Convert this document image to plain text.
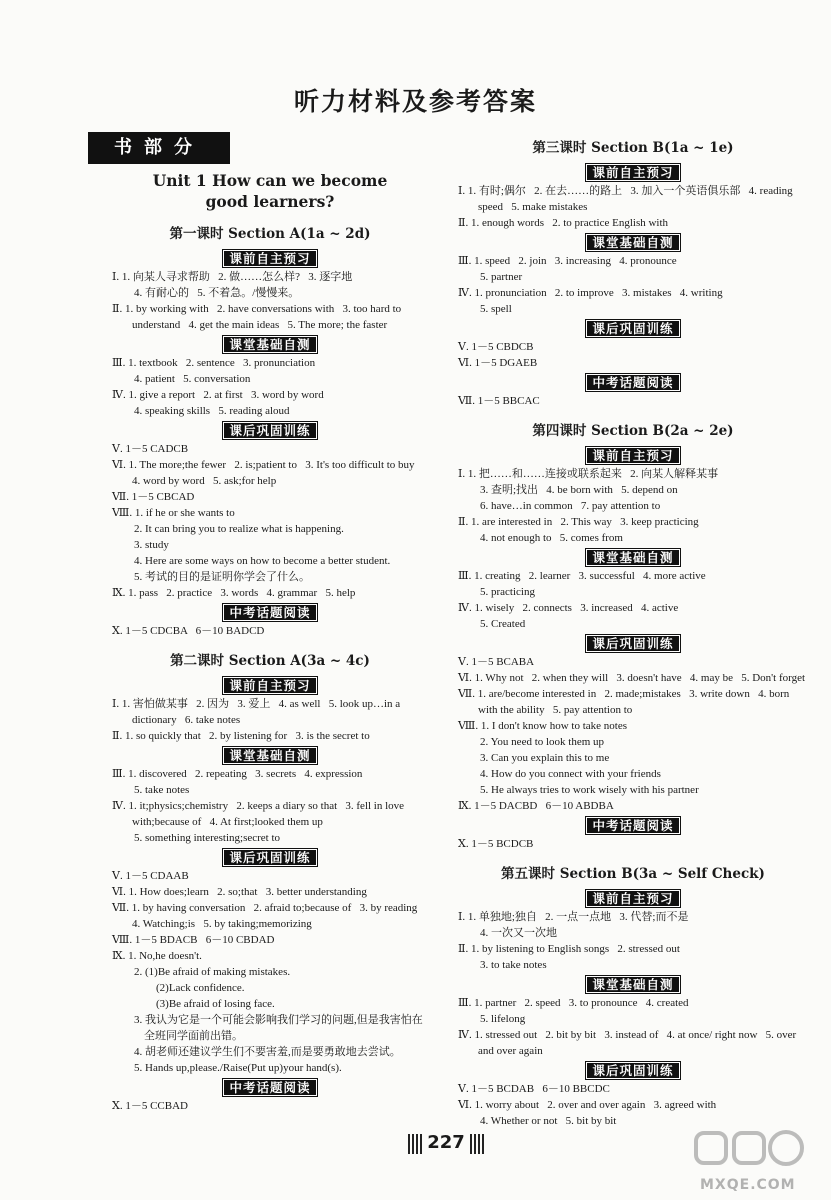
听力材料及参考答案
书部分
Unit 1 How can we become
good learners?
第一课时 Section A(1a ~ 2d)
课前自主预习
Ⅰ. 1. 向某人寻求帮助   2. 做……怎么样?   3. 逐字地
4. 有耐心的   5. 不着急。/慢慢来。
Ⅱ. 1. by working with   2. have conversations with   3. too hard to understand   4. get the main ideas   5. The more; the faster
课堂基础自测
Ⅲ. 1. textbook   2. sentence   3. pronunciation
4. patient   5. conversation
Ⅳ. 1. give a report   2. at first   3. word by word
4. speaking skills   5. reading aloud
课后巩固训练
Ⅴ. 1－5 CADCB
Ⅵ. 1. The more;the fewer   2. is;patient to   3. It's too difficult to buy   4. word by word   5. ask;for help
Ⅶ. 1－5 CBCAD
Ⅷ. 1. if he or she wants to
2. It can bring you to realize what is happening.
3. study
4. Here are some ways on how to become a better student.
5. 考试的目的是证明你学会了什么。
Ⅸ. 1. pass   2. practice   3. words   4. grammar   5. help
中考话题阅读
Ⅹ. 1－5 CDCBA   6－10 BADCD
第二课时 Section A(3a ~ 4c)
课前自主预习
Ⅰ. 1. 害怕做某事   2. 因为   3. 爱上   4. as well   5. look up…in a dictionary   6. take notes
Ⅱ. 1. so quickly that   2. by listening for   3. is the secret to
课堂基础自测
Ⅲ. 1. discovered   2. repeating   3. secrets   4. expression
5. take notes
Ⅳ. 1. it;physics;chemistry   2. keeps a diary so that   3. fell in love with;because of   4. At first;looked them up
5. something interesting;secret to
课后巩固训练
Ⅴ. 1－5 CDAAB
Ⅵ. 1. How does;learn   2. so;that   3. better understanding
Ⅶ. 1. by having conversation   2. afraid to;because of   3. by reading   4. Watching;is   5. by taking;memorizing
Ⅷ. 1－5 BDACB   6－10 CBDAD
Ⅸ. 1. No,he doesn't.
2. (1)Be afraid of making mistakes.
(2)Lack confidence.
(3)Be afraid of losing face.
3. 我认为它是一个可能会影响我们学习的问题,但是我害怕在全班同学面前出错。
4. 胡老师还建议学生们不要害羞,而是要勇敢地去尝试。
5. Hands up,please./Raise(Put up)your hand(s).
中考话题阅读
Ⅹ. 1－5 CCBAD
第三课时 Section B(1a ~ 1e)
课前自主预习
Ⅰ. 1. 有时;偶尔   2. 在去……的路上   3. 加入一个英语俱乐部   4. reading speed   5. make mistakes
Ⅱ. 1. enough words   2. to practice English with
课堂基础自测
Ⅲ. 1. speed   2. join   3. increasing   4. pronounce
5. partner
Ⅳ. 1. pronunciation   2. to improve   3. mistakes   4. writing
5. spell
课后巩固训练
Ⅴ. 1－5 CBDCB
Ⅵ. 1－5 DGAEB
中考话题阅读
Ⅶ. 1－5 BBCAC
第四课时 Section B(2a ~ 2e)
课前自主预习
Ⅰ. 1. 把……和……连接或联系起来   2. 向某人解释某事
3. 查明;找出   4. be born with   5. depend on
6. have…in common   7. pay attention to
Ⅱ. 1. are interested in   2. This way   3. keep practicing
4. not enough to   5. comes from
课堂基础自测
Ⅲ. 1. creating   2. learner   3. successful   4. more active
5. practicing
Ⅳ. 1. wisely   2. connects   3. increased   4. active
5. Created
课后巩固训练
Ⅴ. 1－5 BCABA
Ⅵ. 1. Why not   2. when they will   3. doesn't have   4. may be   5. Don't forget
Ⅶ. 1. are/become interested in   2. made;mistakes   3. write down   4. born with the ability   5. pay attention to
Ⅷ. 1. I don't know how to take notes
2. You need to look them up
3. Can you explain this to me
4. How do you connect with your friends
5. He always tries to work wisely with his partner
Ⅸ. 1－5 DACBD   6－10 ABDBA
中考话题阅读
Ⅹ. 1－5 BCDCB
第五课时 Section B(3a ~ Self Check)
课前自主预习
Ⅰ. 1. 单独地;独自   2. 一点一点地   3. 代替;而不是
4. 一次又一次地
Ⅱ. 1. by listening to English songs   2. stressed out
3. to take notes
课堂基础自测
Ⅲ. 1. partner   2. speed   3. to pronounce   4. created
5. lifelong
Ⅳ. 1. stressed out   2. bit by bit   3. instead of   4. at once/ right now   5. over and over again
课后巩固训练
Ⅴ. 1－5 BCDAB   6－10 BBCDC
Ⅵ. 1. worry about   2. over and over again   3. agreed with
4. Whether or not   5. bit by bit
227
MXQE.COM
